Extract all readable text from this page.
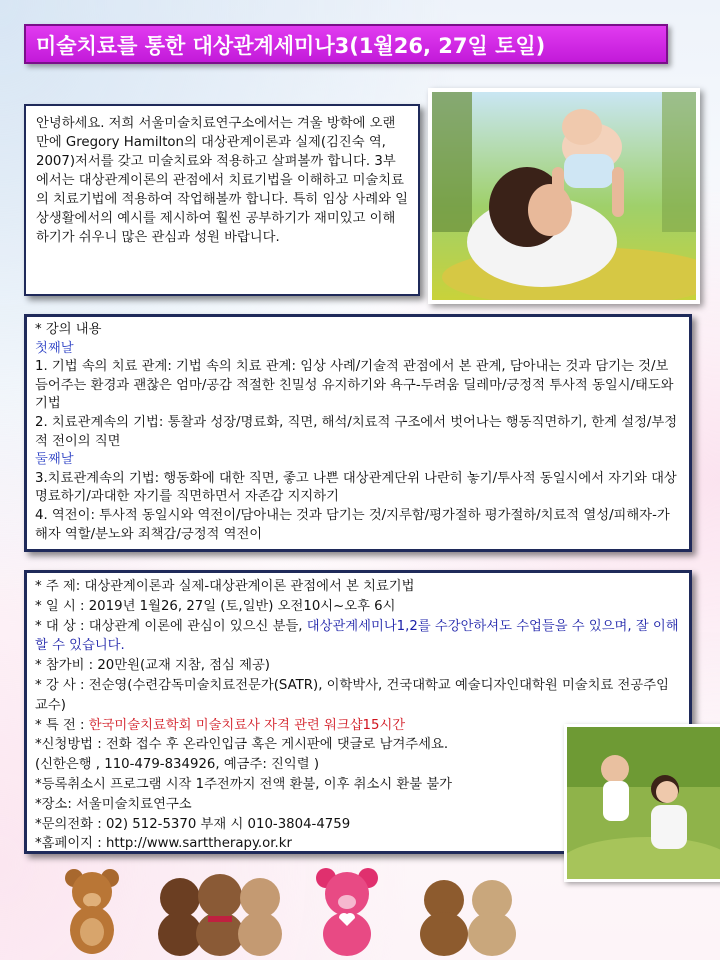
미술치료를 통한 대상관계세미나3(1월26, 27일 토일)

안녕하세요. 저희 서울미술치료연구소에서는 겨울 방학에 오랜만에 Gregory Hamilton의 대상관계이론과 실제(김진숙 역, 2007)저서를 갖고 미술치료와 적용하고 살펴볼까 합니다. 3부에서는 대상관계이론의 관점에서 치료기법을 이해하고 미술치료의 치료기법에 적용하여 작업해볼까 합니다. 특히 임상 사례와 일상생활에서의 예시를 제시하여 훨씬 공부하기가 재미있고 이해하기가 쉬우니 많은 관심과 성원 바랍니다.

* 강의 내용

첫째날

1. 기법 속의 치료 관계: 기법 속의 치료 관계: 임상 사례/기술적 관점에서 본 관계, 담아내는 것과 담기는 것/보듬어주는 환경과 괜찮은 엄마/공감 적절한 친밀성 유지하기와 욕구-두려움 딜레마/긍정적 투사적 동일시/태도와 기법

2. 치료관계속의 기법: 통찰과 성장/명료화, 직면, 해석/치료적 구조에서 벗어나는 행동직면하기, 한계 설정/부정적 전이의 직면

둘째날

3.치료관계속의 기법: 행동화에 대한 직면, 좋고 나쁜 대상관계단위 나란히 놓기/투사적 동일시에서 자기와 대상명료하기/과대한 자기를 직면하면서 자존감 지지하기

4. 역전이: 투사적 동일시와 역전이/담아내는 것과 담기는 것/지루함/평가절하 평가절하/치료적 열성/피해자-가해자 역할/분노와 죄책감/긍정적 역전이

* 주 제: 대상관계이론과 실제-대상관계이론 관점에서 본 치료기법

* 일 시 : 2019년 1월26, 27일 (토,일반) 오전10시~오후 6시

* 대 상 : 대상관계 이론에 관심이 있으신 분들, 대상관계세미나1,2를 수강안하셔도 수업들을 수 있으며, 잘 이해할 수 있습니다.

* 참가비 : 20만원(교재 지참, 점심 제공)

* 강 사 : 전순영(수련감독미술치료전문가(SATR), 이학박사, 건국대학교 예술디자인대학원 미술치료 전공주임교수)

* 특 전 : 한국미술치료학회 미술치료사 자격 관련 워크샵15시간

*신청방법 : 전화 접수 후 온라인입금 혹은 게시판에 댓글로 남겨주세요.

(신한은행 , 110-479-834926, 예금주: 진익렬 )

*등록취소시 프로그램 시작 1주전까지 전액 환불, 이후 취소시 환불 불가

*장소: 서울미술치료연구소

*문의전화 : 02) 512-5370 부재 시 010-3804-4759

*홈페이지 : http://www.sarttherapy.or.kr
